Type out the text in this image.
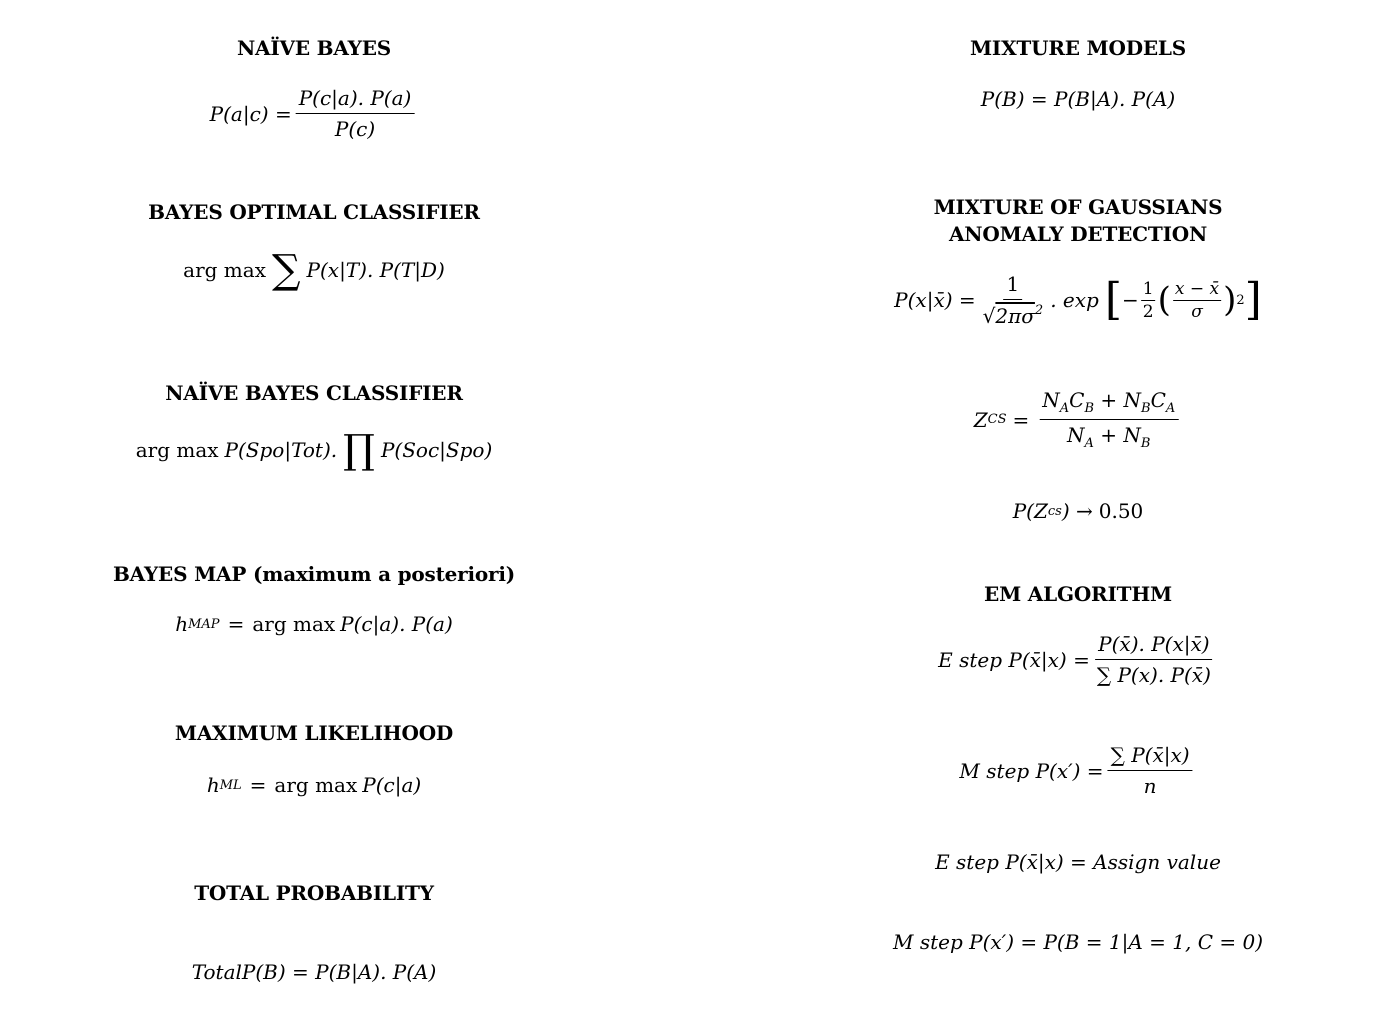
NAÏVE BAYES
$P(a|c) = \frac{P(c|a). P(a)}{P(c)}$
BAYES OPTIMAL CLASSIFIER
arg max ∑ P(x|T). P(T|D)
NAÏVE BAYES CLASSIFIER
arg max P(Spo|Tot). ∏ P(Soc|Spo)
BAYES MAP (maximum a posteriori)
h MAP = arg max P(c|a). P(a)
MAXIMUM LIKELIHOOD
h ML = arg max P(c|a)
TOTAL PROBABILITY
TotalP(B) = P(B|A). P(A)
MIXTURE MODELS
P(B) = P(B|A). P(A)
MIXTURE OF GAUSSIANS
ANOMALY DETECTION
P(x|x̄) = $\frac{1}{√2\pi\sigma^2}$ . exp [ − $\frac{1}{2}$ ( $\frac{x - x̄}{\sigma}$ ) 2 ]
Z CS = $\frac{N_AC_B + N_BC_A}{N_A + N_B}$
P(Z cs ) → 0.50
EM ALGORITHM
E step P(x̄|x) = $\frac{P(x̄). P(x|x̄)}{\sum P(x). P(x̄)}$
M step $P(x') = \frac{\sum P(x̄|x)}{n}$
E step P(x̄|x) = Assign value
M step P(x′) = P(B = 1|A = 1, C = 0)
